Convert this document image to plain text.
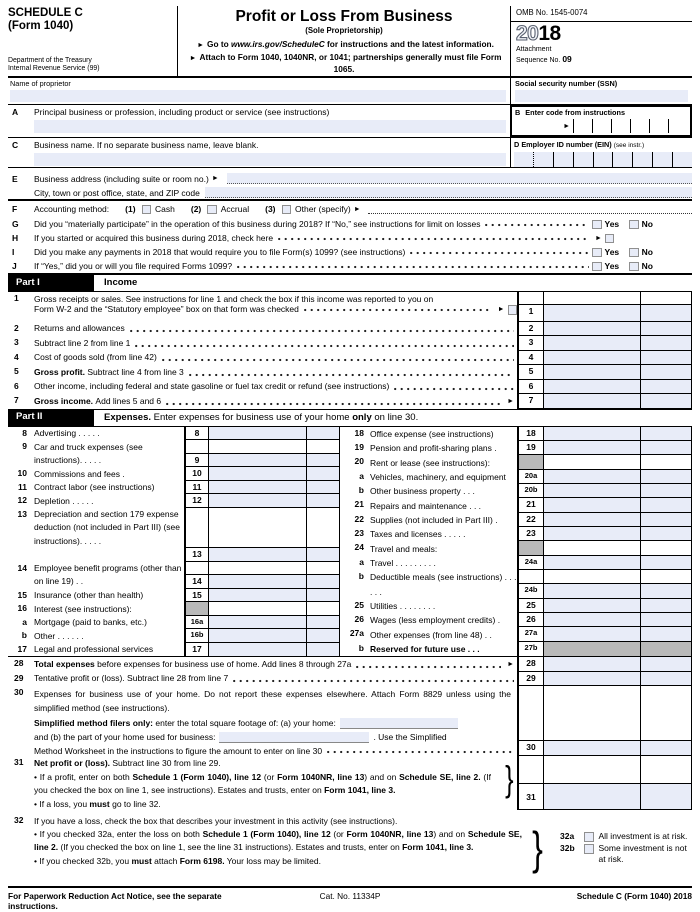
SCHEDULE C
(Form 1040)
Department of the Treasury
Internal Revenue Service (99)
Profit or Loss From Business
(Sole Proprietorship)
► Go to www.irs.gov/ScheduleC for instructions and the latest information.
► Attach to Form 1040, 1040NR, or 1041; partnerships generally must file Form 1065.
OMB No. 1545-0074
2018
Attachment
Sequence No. 09
Name of proprietor	Social security number (SSN)
A	Principal business or profession, including product or service (see instructions)	B Enter code from instructions
►
C	Business name. If no separate business name, leave blank.	D Employer ID number (EIN) (see instr.)
E	Business address (including suite or room no.) ►
City, town or post office, state, and ZIP code
F	Accounting method: (1) Cash (2) Accrual (3) Other (specify) ►
G	Did you “materially participate” in the operation of this business during 2018? If “No,” see instructions for limit on losses	Yes	No
H	If you started or acquired this business during 2018, check here	►
I	Did you make any payments in 2018 that would require you to file Form(s) 1099? (see instructions)	Yes	No
J	If “Yes,” did you or will you file required Forms 1099?	Yes	No
Part I	Income
1	Gross receipts or sales. See instructions for line 1 and check the box if this income was reported to you on
Form W-2 and the “Statutory employee” box on that form was checked	►	1
2	Returns and allowances	2
3	Subtract line 2 from line 1	3
4	Cost of goods sold (from line 42)	4
5	Gross profit. Subtract line 4 from line 3	5
6	Other income, including federal and state gasoline or fuel tax credit or refund (see instructions)	6
7	Gross income. Add lines 5 and 6	►	7
Part II	Expenses. Enter expenses for business use of your home only on line 30.
8 Advertising . . . . .	8
9 Car and truck expenses (see instructions). . . . .	9
10 Commissions and fees .	10
11 Contract labor (see instructions)	11
12 Depletion . . . . .	12
13 Depreciation and section 179 expense deduction (not included in Part III) (see instructions). . . . .
13
14 Employee benefit programs (other than on line 19) . .	14
15 Insurance (other than health)	15
16 Interest (see instructions):
a Mortgage (paid to banks, etc.)	16a
b Other . . . . . .	16b
17 Legal and professional services	17
18 Office expense (see instructions)	18
19 Pension and profit-sharing plans .	19
20 Rent or lease (see instructions):
a Vehicles, machinery, and equipment	20a
b Other business property . . .	20b
21 Repairs and maintenance . . .	21
22 Supplies (not included in Part III) .	22
23 Taxes and licenses . . . . .	23
24 Travel and meals:
a Travel . . . . . . . . .	24a
b Deductible meals (see instructions) . . . . . .	24b
25 Utilities . . . . . . . .	25
26 Wages (less employment credits) .	26
27a Other expenses (from line 48) . .	27a
b Reserved for future use . . .	27b
28	Total expenses before expenses for business use of home. Add lines 8 through 27a	►	28
29	Tentative profit or (loss). Subtract line 28 from line 7	29
30	Expenses for business use of your home. Do not report these expenses elsewhere. Attach Form 8829 unless using the simplified method (see instructions).
Simplified method filers only: enter the total square footage of: (a) your home:
and (b) the part of your home used for business:	. Use the Simplified
Method Worksheet in the instructions to figure the amount to enter on line 30	30
31	Net profit or (loss). Subtract line 30 from line 29.
• If a profit, enter on both Schedule 1 (Form 1040), line 12 (or Form 1040NR, line 13) and on Schedule SE, line 2. (If you checked the box on line 1, see instructions). Estates and trusts, enter on Form 1041, line 3.
• If a loss, you must go to line 32.
}	31
32	If you have a loss, check the box that describes your investment in this activity (see instructions).
• If you checked 32a, enter the loss on both Schedule 1 (Form 1040), line 12 (or Form 1040NR, line 13) and on Schedule SE, line 2. (If you checked the box on line 1, see the line 31 instructions). Estates and trusts, enter on Form 1041, line 3.
• If you checked 32b, you must attach Form 6198. Your loss may be limited.	} 32a	All investment is at risk.
32b	Some investment is not at risk.
For Paperwork Reduction Act Notice, see the separate instructions.
Cat. No. 11334P	Schedule C (Form 1040) 2018
